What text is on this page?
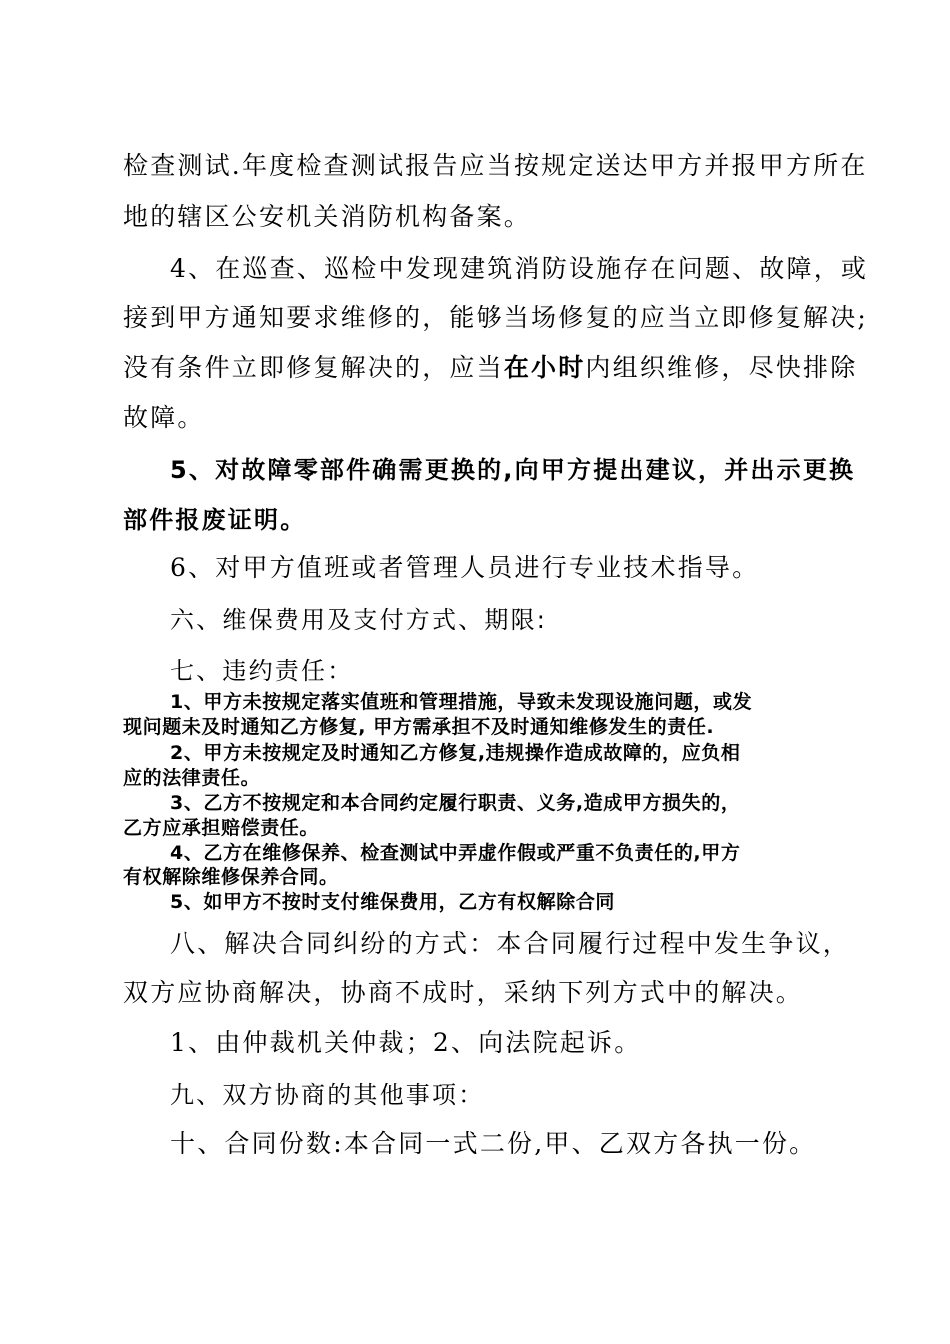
检查测试.年度检查测试报告应当按规定送达甲方并报甲方所在
地的辖区公安机关消防机构备案。
4、在巡查、巡检中发现建筑消防设施存在问题、故障，或
接到甲方通知要求维修的，能够当场修复的应当立即修复解决;
没有条件立即修复解决的，应当在小时内组织维修，尽快排除
故障。
5、对故障零部件确需更换的,向甲方提出建议，并出示更换
部件报废证明。
6、对甲方值班或者管理人员进行专业技术指导。
六、维保费用及支付方式、期限:
七、违约责任：
1、甲方未按规定落实值班和管理措施，导致未发现设施问题，或发
现问题未及时通知乙方修复, 甲方需承担不及时通知维修发生的责任.
2、甲方未按规定及时通知乙方修复,违规操作造成故障的，应负相
应的法律责任。
3、乙方不按规定和本合同约定履行职责、义务,造成甲方损失的，
乙方应承担赔偿责任。
4、乙方在维修保养、检查测试中弄虚作假或严重不负责任的,甲方
有权解除维修保养合同。
5、如甲方不按时支付维保费用，乙方有权解除合同
八、解决合同纠纷的方式：本合同履行过程中发生争议，
双方应协商解决，协商不成时，采纳下列方式中的解决。
1、由仲裁机关仲裁；2、向法院起诉。
九、双方协商的其他事项：
十、合同份数:本合同一式二份,甲、乙双方各执一份。
